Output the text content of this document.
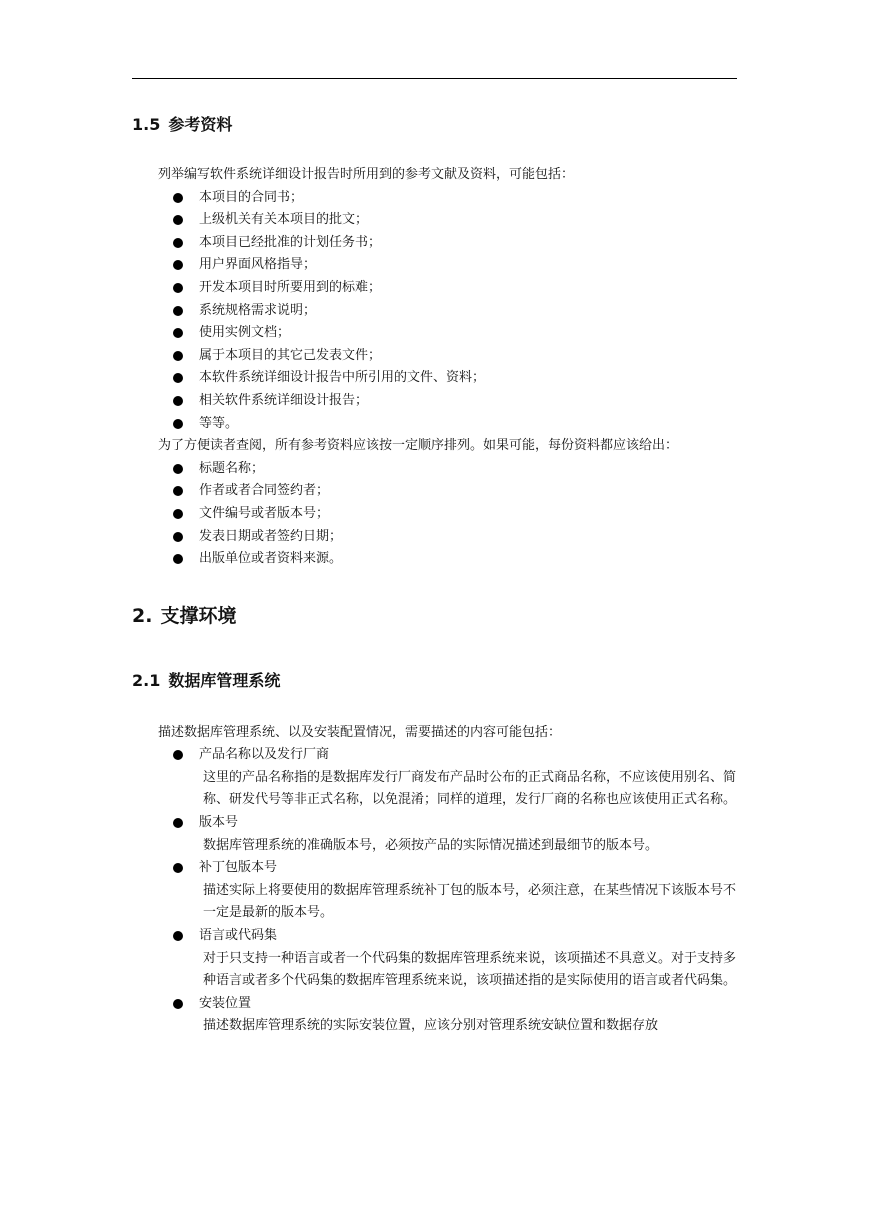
1.5 参考资料

列举编写软件系统详细设计报告时所用到的参考文献及资料，可能包括：

本项目的合同书；
上级机关有关本项目的批文；
本项目已经批准的计划任务书；
用户界面风格指导；
开发本项目时所要用到的标难；
系统规格需求说明；
使用实例文档；
属于本项目的其它己发表文件；
本软件系统详细设计报告中所引用的文件、资料；
相关软件系统详细设计报告；
等等。

为了方便读者查阅，所有参考资料应该按一定顺序排列。如果可能，每份资料都应该给出：

标题名称；
作者或者合同签约者；
文件编号或者版本号；
发表日期或者签约日期；
出版单位或者资料来源。
2. 支撑环境
2.1 数据库管理系统

描述数据库管理系统、以及安装配置情况，需要描述的内容可能包括：

产品名称以及发行厂商
这里的产品名称指的是数据库发行厂商发布产品时公布的正式商品名称，不应该使用别名、简称、研发代号等非正式名称，以免混淆；同样的道理，发行厂商的名称也应该使用正式名称。
版本号
数据库管理系统的准确版本号，必须按产品的实际情况描述到最细节的版本号。
补丁包版本号
描述实际上将要使用的数据库管理系统补丁包的版本号，必须注意，在某些情况下该版本号不一定是最新的版本号。
语言或代码集
对于只支持一种语言或者一个代码集的数据库管理系统来说，该项描述不具意义。对于支持多种语言或者多个代码集的数据库管理系统来说，该项描述指的是实际使用的语言或者代码集。
安装位置
描述数据库管理系统的实际安装位置，应该分别对管理系统安缺位置和数据存放
